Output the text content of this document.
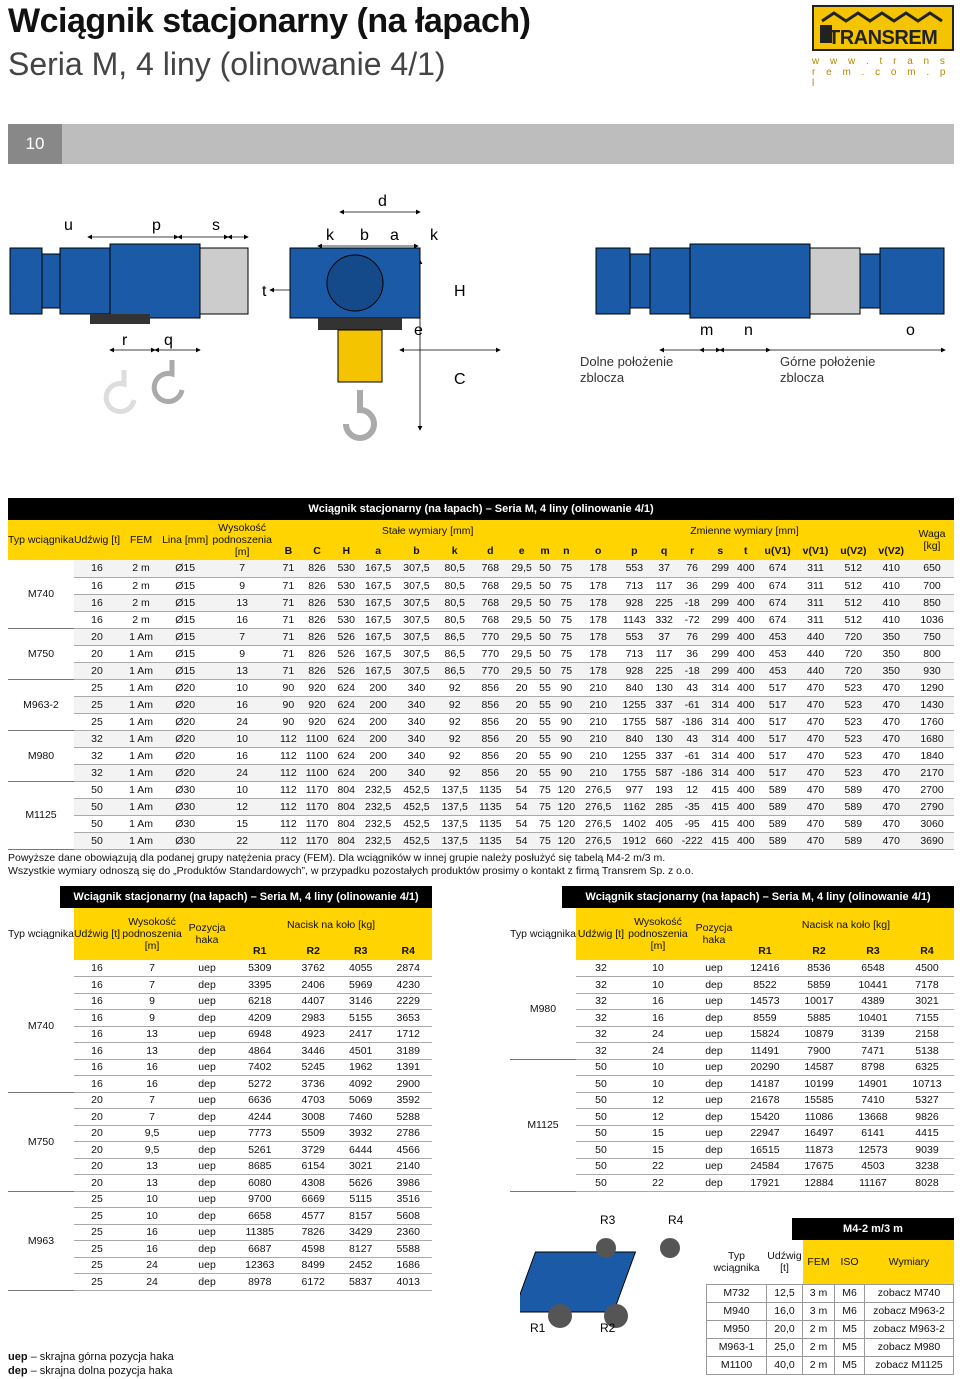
Wciągnik stacjonarny (na łapach)
Seria M, 4 liny (olinowanie 4/1)
TRANSREM
w w w . t r a n s r e m . c o m . p l
10
u	p	s
d
k b a k
t	H
r q
e	m n	o
C
Dolne położenie
zblocza
Górne położenie
zblocza
Wciągnik stacjonarny (na łapach) – Seria M, 4 liny (olinowanie 4/1)
Typ wciągnika	Udźwig [t]	FEM	Lina [mm]	Wysokość podnoszenia [m]	Stałe wymiary [mm]										Zmienne wymiary [mm]										Waga [kg]
					B	C	H	a	b	k	d	e	m	n	o	p	q	r	s	t	u(V1)	v(V1)	u(V2)	v(V2)	
M740	16	2 m	Ø15	7	71	826	530	167,5	307,5	80,5	768	29,5	50	75	178	553	37	76	299	400	674	311	512	410	650
	16	2 m	Ø15	9	71	826	530	167,5	307,5	80,5	768	29,5	50	75	178	713	117	36	299	400	674	311	512	410	700
	16	2 m	Ø15	13	71	826	530	167,5	307,5	80,5	768	29,5	50	75	178	928	225	-18	299	400	674	311	512	410	850
	16	2 m	Ø15	16	71	826	530	167,5	307,5	80,5	768	29,5	50	75	178	1143	332	-72	299	400	674	311	512	410	1036
M750	20	1 Am	Ø15	7	71	826	526	167,5	307,5	86,5	770	29,5	50	75	178	553	37	76	299	400	453	440	720	350	750
	20	1 Am	Ø15	9	71	826	526	167,5	307,5	86,5	770	29,5	50	75	178	713	117	36	299	400	453	440	720	350	800
	20	1 Am	Ø15	13	71	826	526	167,5	307,5	86,5	770	29,5	50	75	178	928	225	-18	299	400	453	440	720	350	930
M963-2	25	1 Am	Ø20	10	90	920	624	200	340	92	856	20	55	90	210	840	130	43	314	400	517	470	523	470	1290
	25	1 Am	Ø20	16	90	920	624	200	340	92	856	20	55	90	210	1255	337	-61	314	400	517	470	523	470	1430
	25	1 Am	Ø20	24	90	920	624	200	340	92	856	20	55	90	210	1755	587	-186	314	400	517	470	523	470	1760
M980	32	1 Am	Ø20	10	112	1100	624	200	340	92	856	20	55	90	210	840	130	43	314	400	517	470	523	470	1680
	32	1 Am	Ø20	16	112	1100	624	200	340	92	856	20	55	90	210	1255	337	-61	314	400	517	470	523	470	1840
	32	1 Am	Ø20	24	112	1100	624	200	340	92	856	20	55	90	210	1755	587	-186	314	400	517	470	523	470	2170
M1125	50	1 Am	Ø30	10	112	1170	804	232,5	452,5	137,5	1135	54	75	120	276,5	977	193	12	415	400	589	470	589	470	2700
	50	1 Am	Ø30	12	112	1170	804	232,5	452,5	137,5	1135	54	75	120	276,5	1162	285	-35	415	400	589	470	589	470	2790
	50	1 Am	Ø30	15	112	1170	804	232,5	452,5	137,5	1135	54	75	120	276,5	1402	405	-95	415	400	589	470	589	470	3060
	50	1 Am	Ø30	22	112	1170	804	232,5	452,5	137,5	1135	54	75	120	276,5	1912	660	-222	415	400	589	470	589	470	3690
Powyższe dane obowiązują dla podanej grupy natężenia pracy (FEM). Dla wciągników w innej grupie należy posłużyć się tabelą M4-2 m/3 m.
Wszystkie wymiary odnoszą się do „Produktów Standardowych”, w przypadku pozostałych produktów prosimy o kontakt z firmą Transrem Sp. z o.o.
Wciągnik stacjonarny (na łapach) – Seria M, 4 liny (olinowanie 4/1)
Typ wciągnika	Udźwig [t]	Wysokość podnoszenia [m]	Pozycja haka	Nacisk na koło [kg]			
				R1	R2	R3	R4
M740	16	7	uep	5309	3762	4055	2874
	16	7	dep	3395	2406	5969	4230
	16	9	uep	6218	4407	3146	2229
	16	9	dep	4209	2983	5155	3653
	16	13	uep	6948	4923	2417	1712
	16	13	dep	4864	3446	4501	3189
	16	16	uep	7402	5245	1962	1391
	16	16	dep	5272	3736	4092	2900
M750	20	7	uep	6636	4703	5069	3592
	20	7	dep	4244	3008	7460	5288
	20	9,5	uep	7773	5509	3932	2786
	20	9,5	dep	5261	3729	6444	4566
	20	13	uep	8685	6154	3021	2140
	20	13	dep	6080	4308	5626	3986
M963	25	10	uep	9700	6669	5115	3516
	25	10	dep	6658	4577	8157	5608
	25	16	uep	11385	7826	3429	2360
	25	16	dep	6687	4598	8127	5588
	25	24	uep	12363	8499	2452	1686
	25	24	dep	8978	6172	5837	4013
Wciągnik stacjonarny (na łapach) – Seria M, 4 liny (olinowanie 4/1)
Typ wciągnika	Udźwig [t]	Wysokość podnoszenia [m]	Pozycja haka	Nacisk na koło [kg]			
				R1	R2	R3	R4
M980	32	10	uep	12416	8536	6548	4500
	32	10	dep	8522	5859	10441	7178
	32	16	uep	14573	10017	4389	3021
	32	16	dep	8559	5885	10401	7155
	32	24	uep	15824	10879	3139	2158
	32	24	dep	11491	7900	7471	5138
M1125	50	10	uep	20290	14587	8798	6325
	50	10	dep	14187	10199	14901	10713
	50	12	uep	21678	15585	7410	5327
	50	12	dep	15420	11086	13668	9826
	50	15	uep	22947	16497	6141	4415
	50	15	dep	16515	11873	12573	9039
	50	22	uep	24584	17675	4503	3238
	50	22	dep	17921	12884	11167	8028
R3	R4
R1	R2
M4-2 m/3 m
Typ wciągnika	Udźwig [t]	FEM	ISO	Wymiary
M732	12,5	3 m	M6	zobacz M740
M940	16,0	3 m	M6	zobacz M963-2
M950	20,0	2 m	M5	zobacz M963-2
M963-1	25,0	2 m	M5	zobacz M980
M1100	40,0	2 m	M5	zobacz M1125
uep – skrajna górna pozycja haka
dep – skrajna dolna pozycja haka
